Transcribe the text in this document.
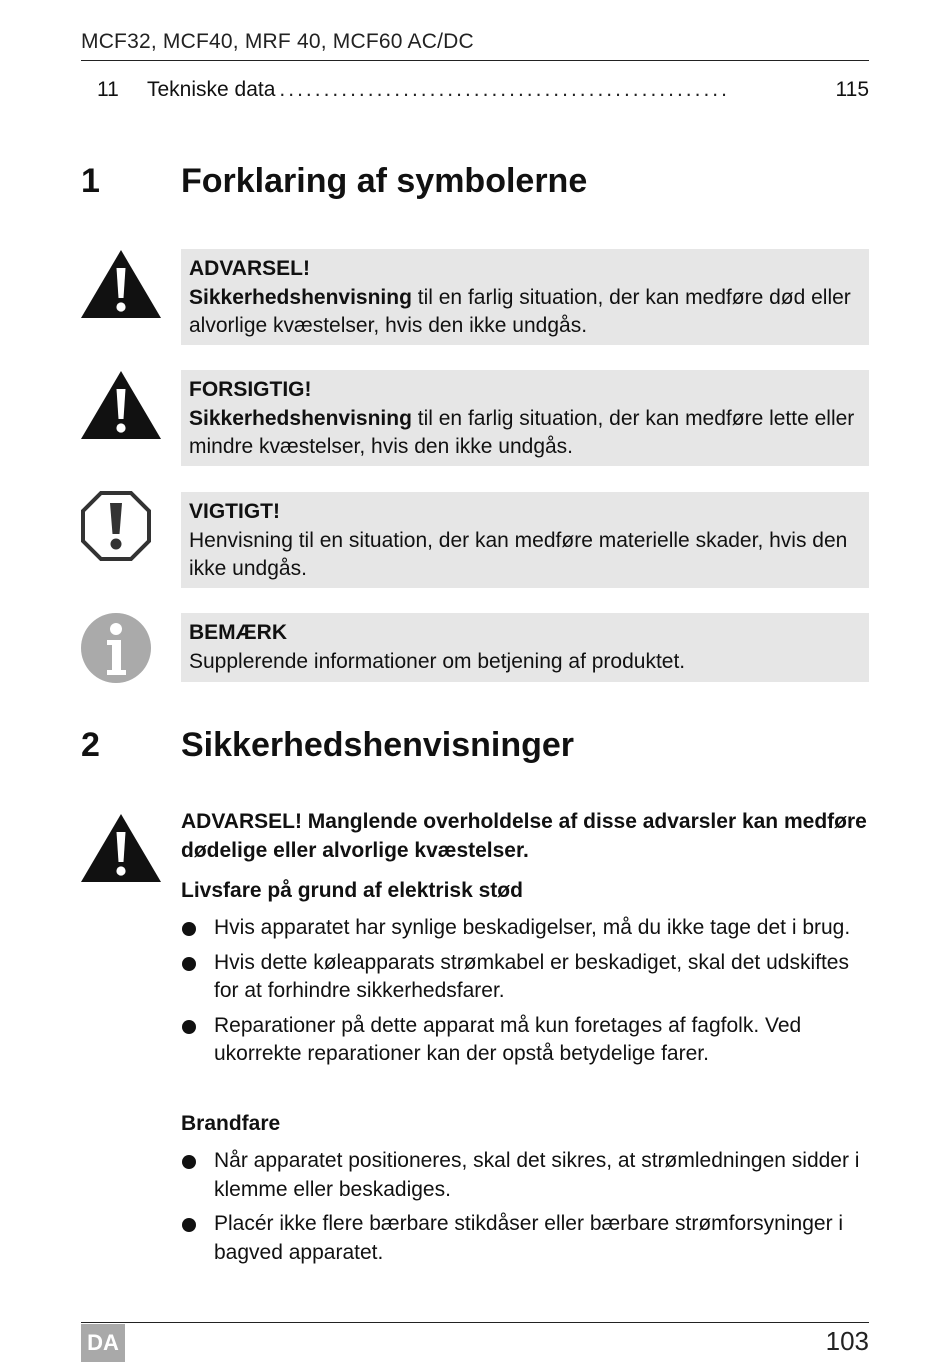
MCF32, MCF40, MRF 40, MCF60 AC/DC
11	Tekniske data ...................................................	115
1 Forklaring af symbolerne
ADVARSEL!
Sikkerhedshenvisning til en farlig situation, der kan medføre død eller alvorlige kvæstelser, hvis den ikke undgås.
FORSIGTIG!
Sikkerhedshenvisning til en farlig situation, der kan medføre lette eller mindre kvæstelser, hvis den ikke undgås.
VIGTIGT!
Henvisning til en situation, der kan medføre materielle skader, hvis den ikke undgås.
BEMÆRK
Supplerende informationer om betjening af produktet.
2 Sikkerhedshenvisninger
ADVARSEL! Manglende overholdelse af disse advarsler kan medføre dødelige eller alvorlige kvæstelser.
Livsfare på grund af elektrisk stød
Hvis apparatet har synlige beskadigelser, må du ikke tage det i brug.
Hvis dette køleapparats strømkabel er beskadiget, skal det udskiftes for at forhindre sikkerhedsfarer.
Reparationer på dette apparat må kun foretages af fagfolk. Ved ukorrekte reparationer kan der opstå betydelige farer.
Brandfare
Når apparatet positioneres, skal det sikres, at strømledningen sidder i klemme eller beskadiges.
Placér ikke flere bærbare stikdåser eller bærbare strømforsyninger i bagved apparatet.
DA	103
